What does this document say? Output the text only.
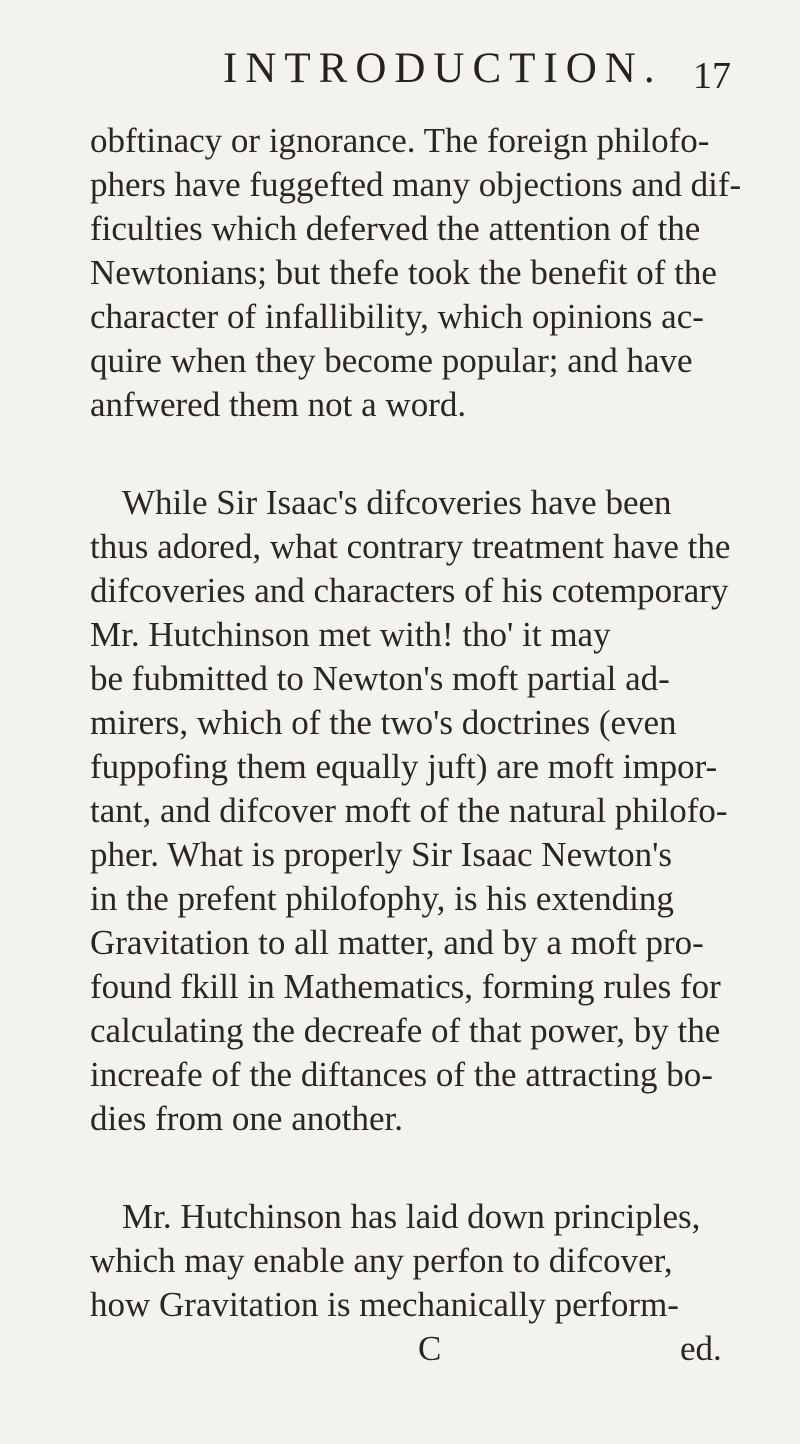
INTRODUCTION. 17
obftinacy or ignorance. The foreign philofo-
phers have fuggefted many objections and dif-
ficulties which deferved the attention of the
Newtonians; but thefe took the benefit of the
character of infallibility, which opinions ac-
quire when they become popular; and have
anfwered them not a word.
While Sir Isaac's difcoveries have been
thus adored, what contrary treatment have the
difcoveries and characters of his cotemporary
Mr. Hutchinson met with! tho' it may
be fubmitted to Newton's moft partial ad-
mirers, which of the two's doctrines (even
fuppofing them equally juft) are moft impor-
tant, and difcover moft of the natural philofo-
pher. What is properly Sir Isaac Newton's
in the prefent philofophy, is his extending
Gravitation to all matter, and by a moft pro-
found fkill in Mathematics, forming rules for
calculating the decreafe of that power, by the
increafe of the diftances of the attracting bo-
dies from one another.
Mr. Hutchinson has laid down principles,
which may enable any perfon to difcover,
how Gravitation is mechanically perform-
C	ed.
